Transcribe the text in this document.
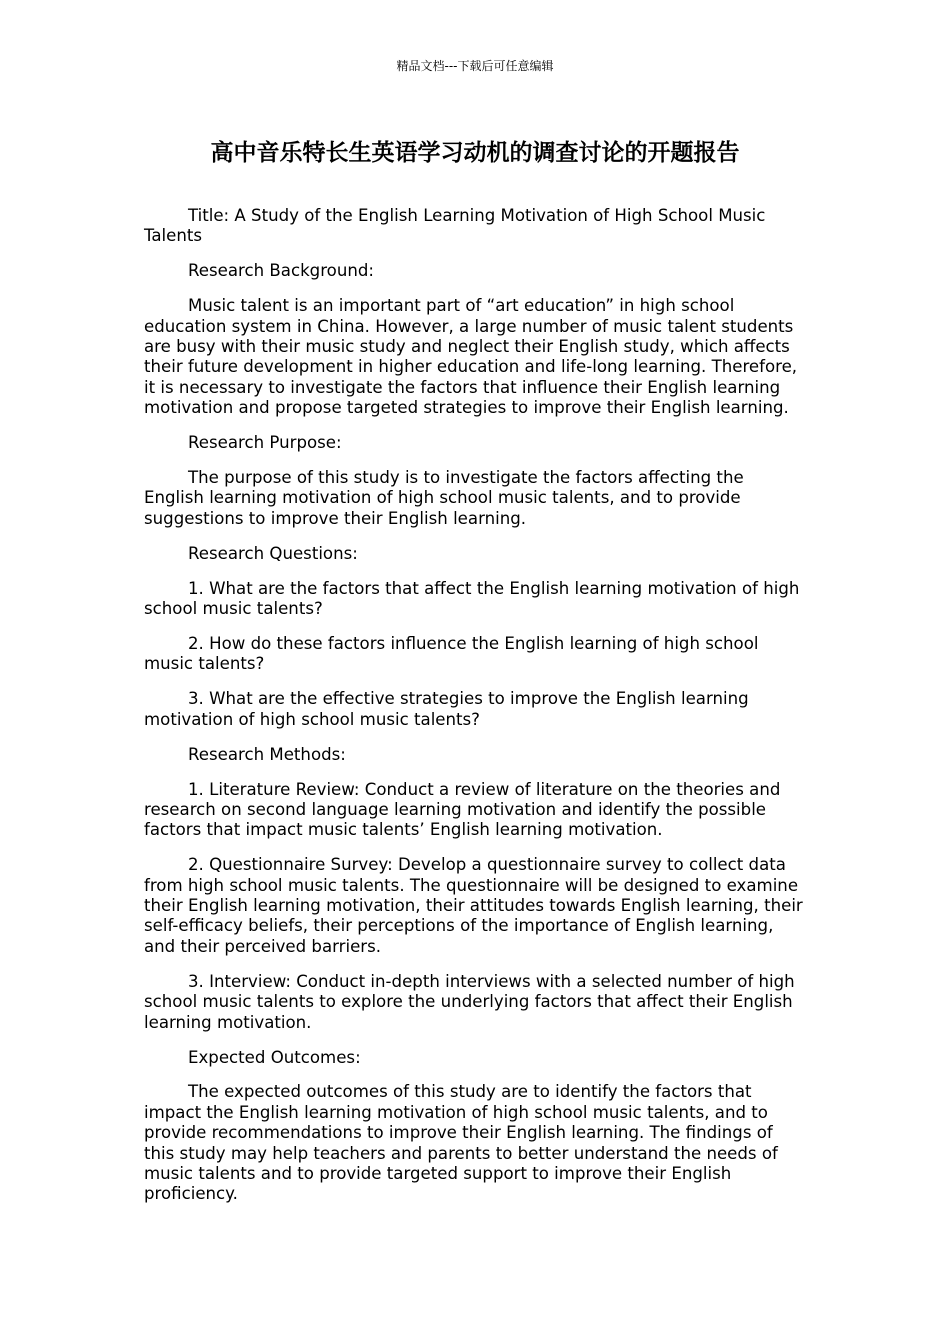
精品文档---下载后可任意编辑
高中音乐特长生英语学习动机的调查讨论的开题报告

Title: A Study of the English Learning Motivation of High School Music Talents

Research Background:

Music talent is an important part of “art education” in high school education system in China. However, a large number of music talent students are busy with their music study and neglect their English study, which affects their future development in higher education and life-long learning. Therefore, it is necessary to investigate the factors that influence their English learning motivation and propose targeted strategies to improve their English learning.

Research Purpose:

The purpose of this study is to investigate the factors affecting the English learning motivation of high school music talents, and to provide suggestions to improve their English learning.

Research Questions:

1. What are the factors that affect the English learning motivation of high school music talents?

2. How do these factors influence the English learning of high school music talents?

3. What are the effective strategies to improve the English learning motivation of high school music talents?

Research Methods:

1. Literature Review: Conduct a review of literature on the theories and research on second language learning motivation and identify the possible factors that impact music talents’ English learning motivation.

2. Questionnaire Survey: Develop a questionnaire survey to collect data from high school music talents. The questionnaire will be designed to examine their English learning motivation, their attitudes towards English learning, their self-efficacy beliefs, their perceptions of the importance of English learning, and their perceived barriers.

3. Interview: Conduct in-depth interviews with a selected number of high school music talents to explore the underlying factors that affect their English learning motivation.

Expected Outcomes:

The expected outcomes of this study are to identify the factors that impact the English learning motivation of high school music talents, and to provide recommendations to improve their English learning. The findings of this study may help teachers and parents to better understand the needs of music talents and to provide targeted support to improve their English proficiency.
